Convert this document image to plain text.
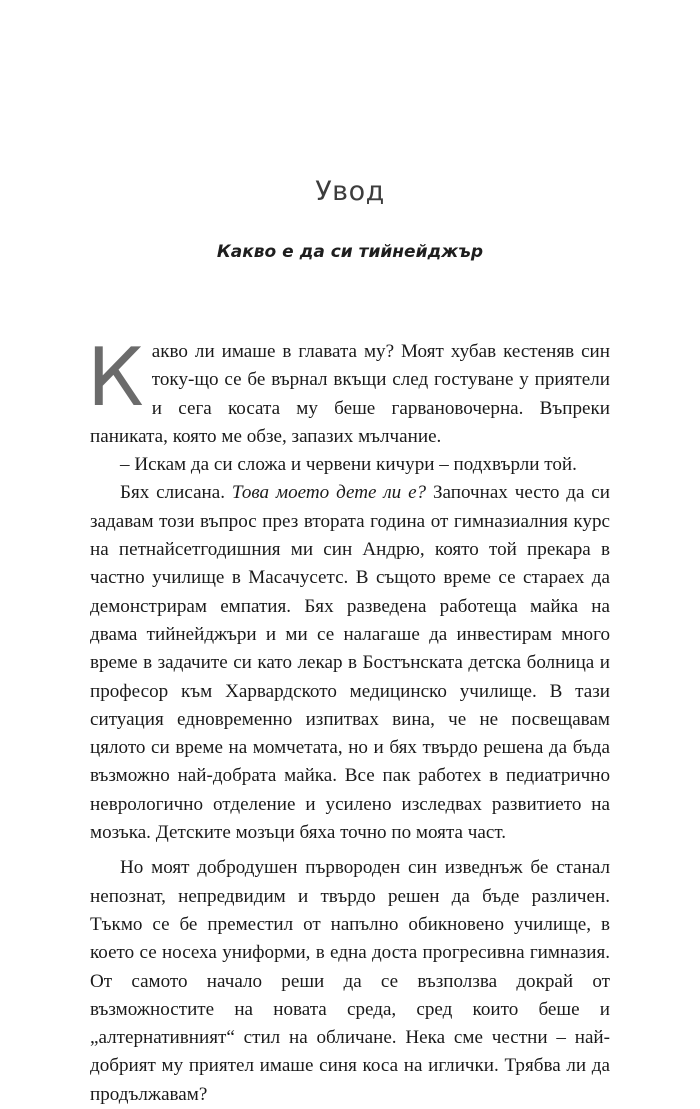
Увод
Какво е да си тийнейджър

Какво ли имаше в главата му? Моят хубав кестеняв син току-що се бе върнал вкъщи след гостуване у приятели и сега косата му беше гарвановочерна. Въпреки паниката, която ме обзе, запазих мълчание.

– Искам да си сложа и червени кичури – подхвърли той.

Бях слисана. Това моето дете ли е? Започнах често да си задавам този въпрос през втората година от гимназиалния курс на петнайсетгодишния ми син Андрю, която той прекара в частно училище в Масачусетс. В същото време се стараех да демонстрирам емпатия. Бях разведена работеща майка на двама тийнейджъри и ми се налагаше да инвестирам много време в задачите си като лекар в Бостънската детска болница и професор към Харвардското медицинско училище. В тази ситуация едновременно изпитвах вина, че не посвещавам цялото си време на момчетата, но и бях твърдо решена да бъда възможно най-добрата майка. Все пак работех в педиатрично неврологично отделение и усилено изследвах развитието на мозъка. Детските мозъци бяха точно по моята част.

Но моят добродушен първороден син изведнъж бе станал непознат, непредвидим и твърдо решен да бъде различен. Тъкмо се бе преместил от напълно обикновено училище, в което се носеха униформи, в една доста прогресивна гимназия. От самото начало реши да се възползва докрай от възможностите на новата среда, сред които беше и „алтернативният“ стил на обличане. Нека сме честни – най-добрият му приятел имаше синя коса на иглички. Трябва ли да продължавам?
